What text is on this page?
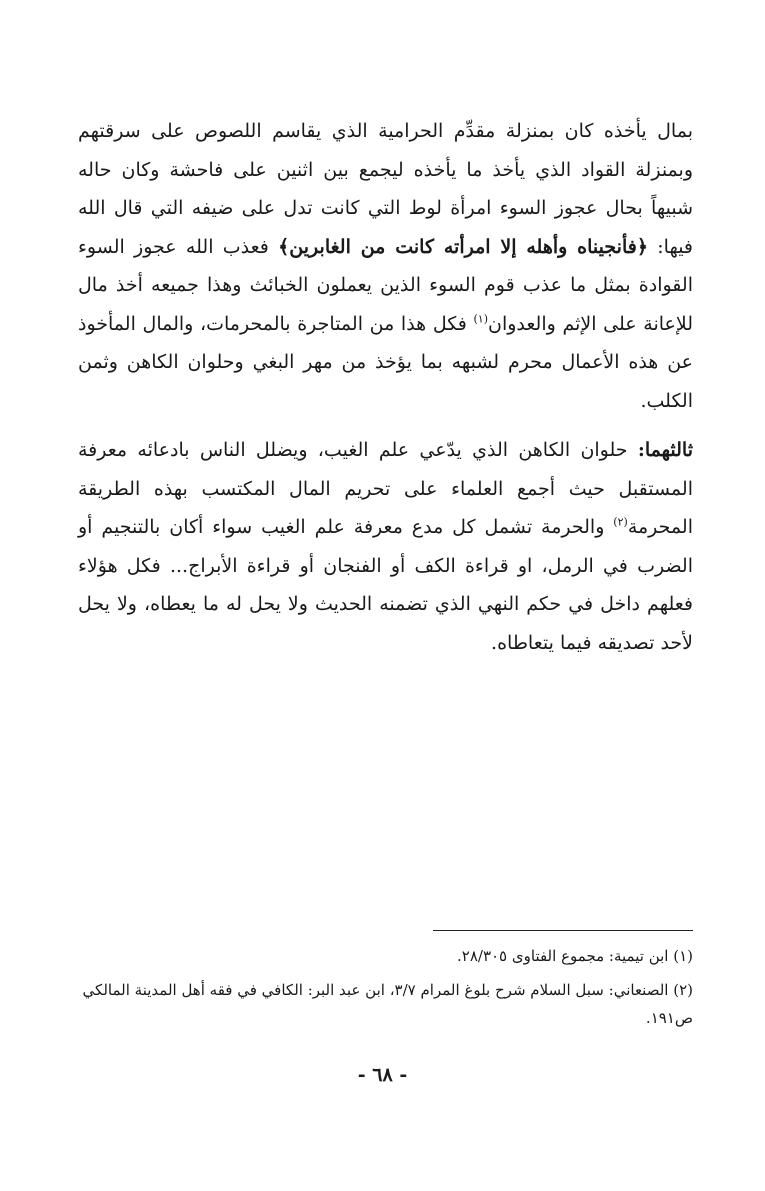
بمال يأخذه كان بمنزلة مقدِّم الحرامية الذي يقاسم اللصوص على سرقتهم وبمنزلة القواد الذي يأخذ ما يأخذه ليجمع بين اثنين على فاحشة وكان حاله شبيهاً بحال عجوز السوء امرأة لوط التي كانت تدل على ضيفه التي قال الله فيها: ﴿فأنجيناه وأهله إلا امرأته كانت من الغابرين﴾ فعذب الله عجوز السوء القوادة بمثل ما عذب قوم السوء الذين يعملون الخبائث وهذا جميعه أخذ مال للإعانة على الإثم والعدوان$^{(١)}$ فكل هذا من المتاجرة بالمحرمات، والمال المأخوذ عن هذه الأعمال محرم لشبهه بما يؤخذ من مهر البغي وحلوان الكاهن وثمن الكلب.

ثالثهما: حلوان الكاهن الذي يدّعي علم الغيب، ويضلل الناس بادعائه معرفة المستقبل حيث أجمع العلماء على تحريم المال المكتسب بهذه الطريقة المحرمة$^{(٢)}$ والحرمة تشمل كل مدع معرفة علم الغيب سواء أكان بالتنجيم أو الضرب في الرمل، او قراءة الكف أو الفنجان أو قراءة الأبراج... فكل هؤلاء فعلهم داخل في حكم النهي الذي تضمنه الحديث ولا يحل له ما يعطاه، ولا يحل لأحد تصديقه فيما يتعاطاه.

(١) ابن تيمية: مجموع الفتاوى ٢٨/٣٠٥.

(٢) الصنعاني: سبل السلام شرح بلوغ المرام ٣/٧، ابن عبد البر: الكافي في فقه أهل المدينة المالكي ص١٩١.

- ٦٨ -
